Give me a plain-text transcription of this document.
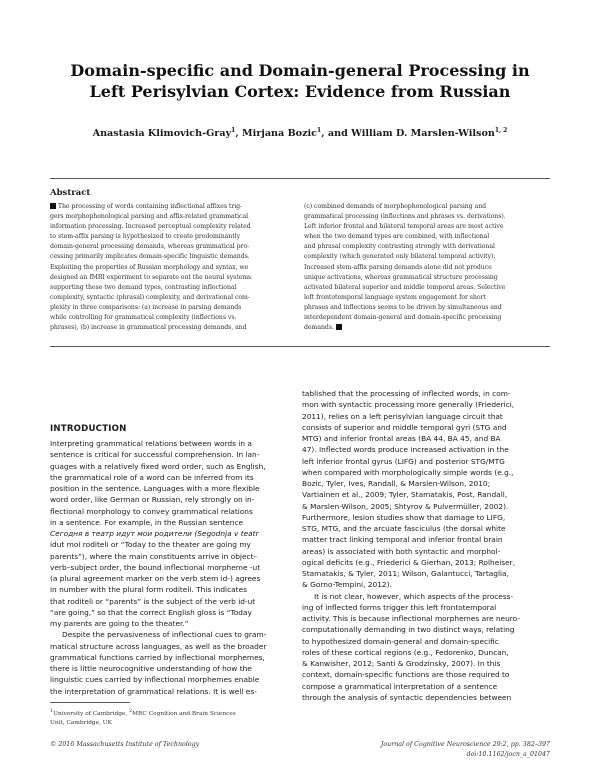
Domain-specific and Domain-general Processing in
Left Perisylvian Cortex: Evidence from Russian
Anastasia Klimovich-Gray$^1$, Mirjana Bozic$^1$, and William D. Marslen-Wilson$^{1, 2}$
Abstract
The processing of words containing inflectional affixes trig-
gers morphophonological parsing and affix-related grammatical
information processing. Increased perceptual complexity related
to stem-affix parsing is hypothesized to create predominantly
domain-general processing demands, whereas grammatical pro-
cessing primarily implicates domain-specific linguistic demands.
Exploiting the properties of Russian morphology and syntax, we
designed an fMRI experiment to separate out the neural systems
supporting these two demand types, contrasting inflectional
complexity, syntactic (phrasal) complexity, and derivational com-
plexity in three comparisons: (a) increase in parsing demands
while controlling for grammatical complexity (inflections vs.
phrases), (b) increase in grammatical processing demands, and
(c) combined demands of morphophonological parsing and
grammatical processing (inflections and phrases vs. derivations).
Left inferior frontal and bilateral temporal areas are most active
when the two demand types are combined, with inflectional
and phrasal complexity contrasting strongly with derivational
complexity (which generated only bilateral temporal activity).
Increased stem-affix parsing demands alone did not produce
unique activations, whereas grammatical structure processing
activated bilateral superior and middle temporal areas. Selective
left frontotemporal language system engagement for short
phrases and inflections seems to be driven by simultaneous and
interdependent domain-general and domain-specific processing
demands.
INTRODUCTION
Interpreting grammatical relations between words in a
sentence is critical for successful comprehension. In lan-
guages with a relatively fixed word order, such as English,
the grammatical role of a word can be inferred from its
position in the sentence. Languages with a more flexible
word order, like German or Russian, rely strongly on in-
flectional morphology to convey grammatical relations
in a sentence. For example, in the Russian sentence
Сегодня в театр идут мои родители (Segodnja v teatr
idut moi roditeli or “Today to the theater are going my
parents”), where the main constituents arrive in object–
verb–subject order, the bound inflectional morpheme -ut
(a plural agreement marker on the verb stem id-) agrees
in number with the plural form roditeli. This indicates
that roditeli or “parents” is the subject of the verb id-ut
“are going,” so that the correct English gloss is “Today
my parents are going to the theater.”
Despite the pervasiveness of inflectional cues to gram-
matical structure across languages, as well as the broader
grammatical functions carried by inflectional morphemes,
there is little neurocognitive understanding of how the
linguistic cues carried by inflectional morphemes enable
the interpretation of grammatical relations. It is well es-
tablished that the processing of inflected words, in com-
mon with syntactic processing more generally (Friederici,
2011), relies on a left perisylvian language circuit that
consists of superior and middle temporal gyri (STG and
MTG) and inferior frontal areas (BA 44, BA 45, and BA
47). Inflected words produce increased activation in the
left inferior frontal gyrus (LIFG) and posterior STG/MTG
when compared with morphologically simple words (e.g.,
Bozic, Tyler, Ives, Randall, & Marslen-Wilson, 2010;
Vartiainen et al., 2009; Tyler, Stamatakis, Post, Randall,
& Marslen-Wilson, 2005; Shtyrov & Pulvermüller, 2002).
Furthermore, lesion studies show that damage to LIFG,
STG, MTG, and the arcuate fasciculus (the dorsal white
matter tract linking temporal and inferior frontal brain
areas) is associated with both syntactic and morphol-
ogical deficits (e.g., Friederici & Gierhan, 2013; Rolheiser,
Stamatakis, & Tyler, 2011; Wilson, Galantucci, Tartaglia,
& Gorno-Tempini, 2012).
It is not clear, however, which aspects of the process-
ing of inflected forms trigger this left frontotemporal
activity. This is because inflectional morphemes are neuro-
computationally demanding in two distinct ways, relating
to hypothesized domain-general and domain-specific
roles of these cortical regions (e.g., Fedorenko, Duncan,
& Kanwisher, 2012; Santi & Grodzinsky, 2007). In this
context, domain-specific functions are those required to
compose a grammatical interpretation of a sentence
through the analysis of syntactic dependencies between
$^1$University of Cambridge, $^2$MRC Cognition and Brain Sciences
Unit, Cambridge, UK
© 2016 Massachusetts Institute of Technology	Journal of Cognitive Neuroscience 29:2, pp. 382–397
doi:10.1162/jocn_a_01047
